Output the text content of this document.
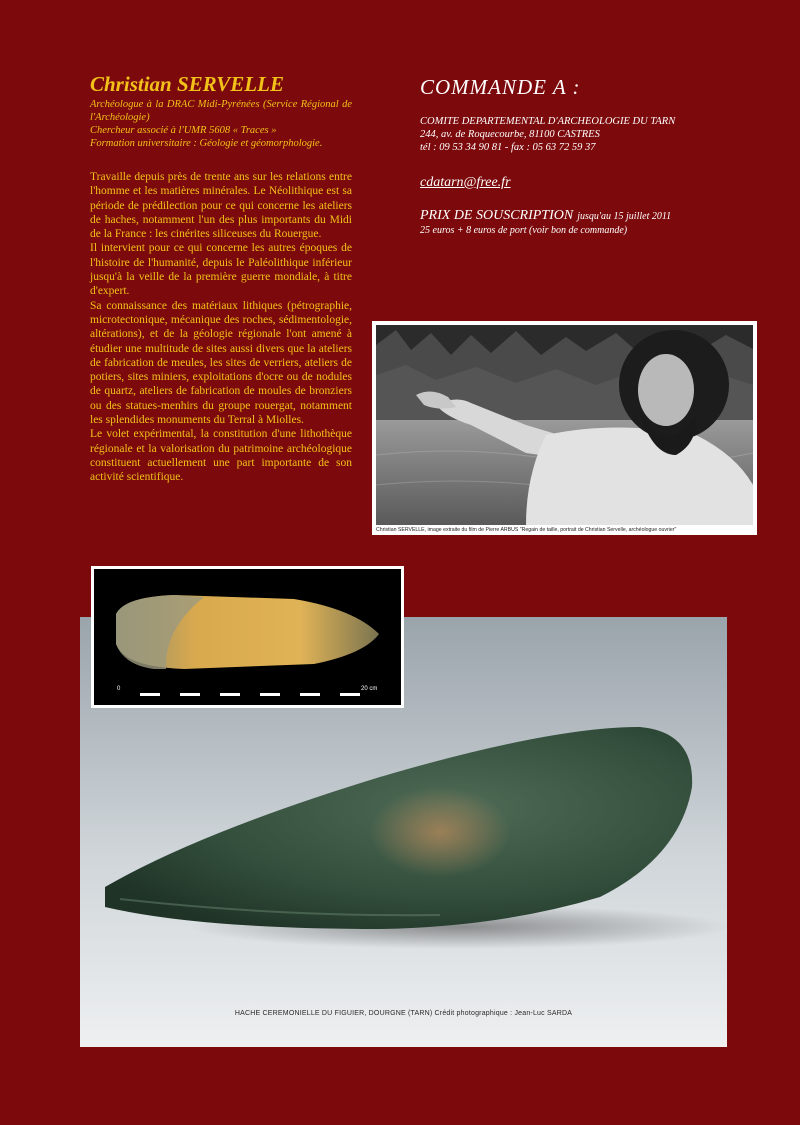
Christian SERVELLE
Archéologue à la DRAC Midi-Pyrénées (Service Régional de l'Archéologie)
Chercheur associé à l'UMR 5608 « Traces »
Formation universitaire : Géologie et géomorphologie.

Travaille depuis près de trente ans sur les relations entre l'homme et les matières minérales. Le Néolithique est sa période de prédilection pour ce qui concerne les ateliers de haches, notamment l'un des plus importants du Midi de la France : les cinérites siliceuses du Rouergue.

Il intervient pour ce qui concerne les autres époques de l'histoire de l'humanité, depuis le Paléolithique inférieur jusqu'à la veille de la première guerre mondiale, à titre d'expert.

Sa connaissance des matériaux lithiques (pétrographie, microtectonique, mécanique des roches, sédimentologie, altérations), et de la géologie régionale l'ont amené à étudier une multitude de sites aussi divers que la ateliers de fabrication de meules, les sites de verriers, ateliers de potiers, sites miniers, exploitations d'ocre ou de nodules de quartz, ateliers de fabrication de moules de bronziers ou des statues-menhirs du groupe rouergat, notamment les splendides monuments du Terral à Miolles.

Le volet expérimental, la constitution d'une lithothèque régionale et la valorisation du patrimoine archéologique constituent actuellement une part importante de son activité scientifique.

COMMANDE A :
COMITE DEPARTEMENTAL D'ARCHEOLOGIE DU TARN
244, av. de Roquecourbe, 81100 CASTRES
tél : 09 53 34 90 81 - fax : 05 63 72 59 37
cdatarn@free.fr
PRIX DE SOUSCRIPTION jusqu'au 15 juillet 2011
25 euros + 8 euros de port (voir bon de commande)
Christian SERVELLE, image extraite du film de Pierre ARBUS "Regain de taille, portrait de Christian Servelle, archéologue ouvrier"
HACHE CEREMONIELLE DU FIGUIER, DOURGNE (TARN) Crédit photographique : Jean-Luc SARDA
0	20 cm
